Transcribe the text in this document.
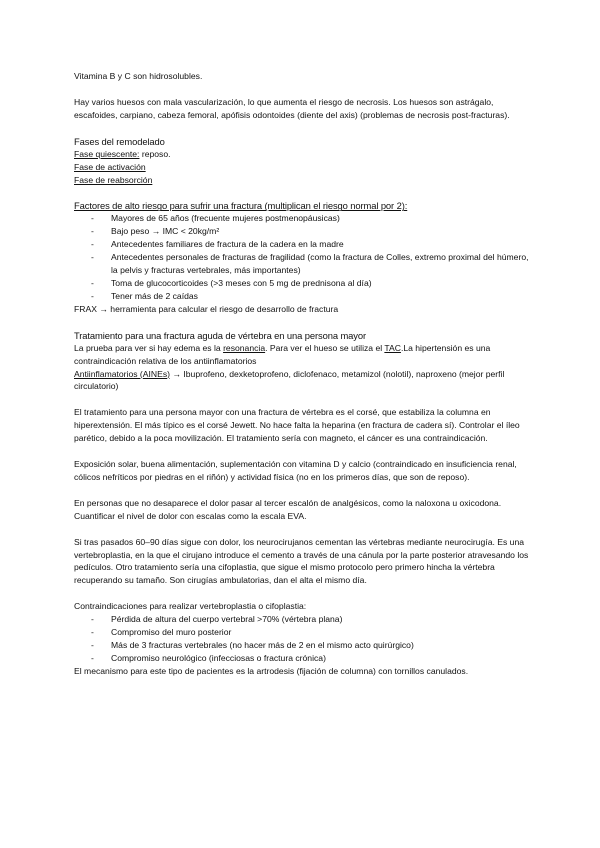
Vitamina B y C son hidrosolubles.

Hay varios huesos con mala vascularización, lo que aumenta el riesgo de necrosis. Los huesos son astrágalo, escafoides, carpiano, cabeza femoral, apófisis odontoides (diente del axis) (problemas de necrosis post-fracturas).

Fases del remodelado

Fase quiescente: reposo.

Fase de activación

Fase de reabsorción

Factores de alto riesgo para sufrir una fractura (multiplican el riesgo normal por 2):
- Mayores de 65 años (frecuente mujeres postmenopáusicas)
- Bajo peso → IMC < 20kg/m²
- Antecedentes familiares de fractura de la cadera en la madre
- Antecedentes personales de fracturas de fragilidad (como la fractura de Colles, extremo proximal del húmero, la pelvis y fracturas vertebrales, más importantes)
- Toma de glucocorticoides (>3 meses con 5 mg de prednisona al día)
- Tener más de 2 caídas

FRAX → herramienta para calcular el riesgo de desarrollo de fractura

Tratamiento para una fractura aguda de vértebra en una persona mayor

La prueba para ver si hay edema es la resonancia. Para ver el hueso se utiliza el TAC.La hipertensión es una contraindicación relativa de los antiinflamatorios

Antiinflamatorios (AINEs) → Ibuprofeno, dexketoprofeno, diclofenaco, metamizol (nolotil), naproxeno (mejor perfil circulatorio)

El tratamiento para una persona mayor con una fractura de vértebra es el corsé, que estabiliza la columna en hiperextensión. El más típico es el corsé Jewett. No hace falta la heparina (en fractura de cadera sí). Controlar el íleo parético, debido a la poca movilización. El tratamiento sería con magneto, el cáncer es una contraindicación.

Exposición solar, buena alimentación, suplementación con vitamina D y calcio (contraindicado en insuficiencia renal, cólicos nefríticos por piedras en el riñón) y actividad física (no en los primeros días, que son de reposo).

En personas que no desaparece el dolor pasar al tercer escalón de analgésicos, como la naloxona u oxicodona. Cuantificar el nivel de dolor con escalas como la escala EVA.

Si tras pasados 60–90 días sigue con dolor, los neurocirujanos cementan las vértebras mediante neurocirugía. Es una vertebroplastia, en la que el cirujano introduce el cemento a través de una cánula por la parte posterior atravesando los pedículos. Otro tratamiento sería una cifoplastia, que sigue el mismo protocolo pero primero hincha la vértebra recuperando su tamaño. Son cirugías ambulatorias, dan el alta el mismo día.

Contraindicaciones para realizar vertebroplastia o cifoplastia:

- Pérdida de altura del cuerpo vertebral >70% (vértebra plana)
- Compromiso del muro posterior
- Más de 3 fracturas vertebrales (no hacer más de 2 en el mismo acto quirúrgico)
- Compromiso neurológico (infecciosas o fractura crónica)

El mecanismo para este tipo de pacientes es la artrodesis (fijación de columna) con tornillos canulados.
